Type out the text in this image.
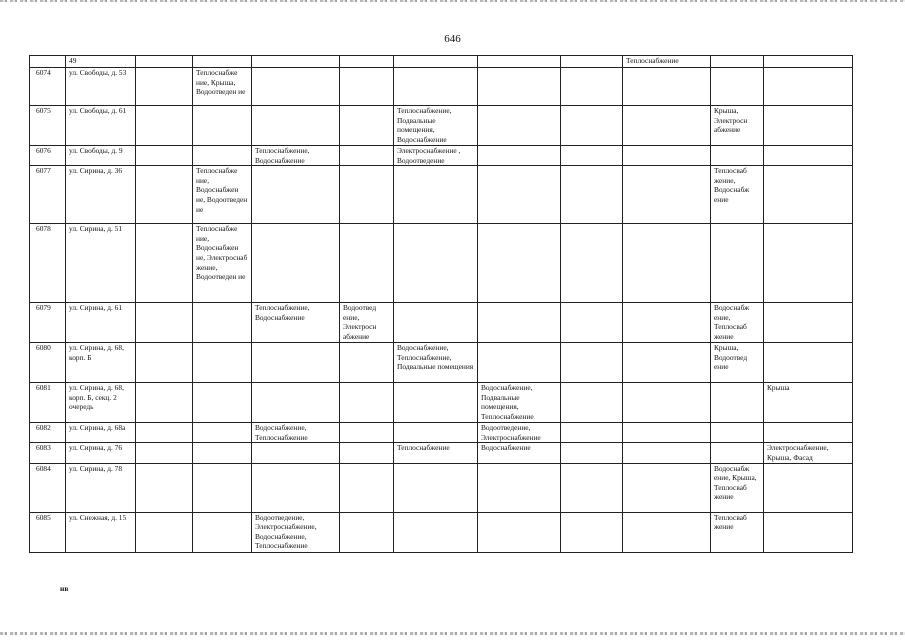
646
	49								Теплоснабжение		
6074	ул. Свободы, д. 53		Теплоснабже ние, Крыша, Водоотведен ие								
6075	ул. Свободы, д. 61					Теплоснабжение, Подвальные помещения, Водоснабжение				Крыша, Электросн абжение	
6076	ул. Свободы, д. 9			Теплоснабжение, Водоснабжение		Электроснабжение , Водоотведение					
6077	ул. Сирина, д. 36		Теплоснабже ние, Водоснабжен ие, Водоотведен ие							Теплосваб жение, Водоснабж ение	
6078	ул. Сирина, д. 51		Теплоснабже ние, Водоснабжен не, Электроснаб жение, Водоотведен ие								
6079	ул. Сирина, д. 61			Теплоснабжение, Водоснабжение	Водоотвед ение, Электросн абжение					Водоснабж ение, Теплосваб жение	
6080	ул. Сирина, д. 68, корп. Б					Водоснабжение, Теплоснабжение, Подвальные помещения				Крыша, Водоотвед ение	
6081	ул. Сирина, д. 68, корп. Б, секц. 2 очередь						Водоснабжение, Подвальные помещения, Теплоснабжение				Крыша
6082	ул. Сирина, д. 68а			Водоснабжение, Теплоснабжение			Водоотведение, Электроснабжение				
6083	ул. Сирина, д. 76					Теплоснабжение	Водоснабжение				Электроснабжение, Крыша, Фасад
6084	ул. Сирина, д. 78									Водоснабж ение, Крыша, Теплосваб жение	
6085	ул. Снежная, д. 15			Водоотведение, Электроснабжение, Водоснабжение, Теплоснабжение						Теплосваб жение	
нв
